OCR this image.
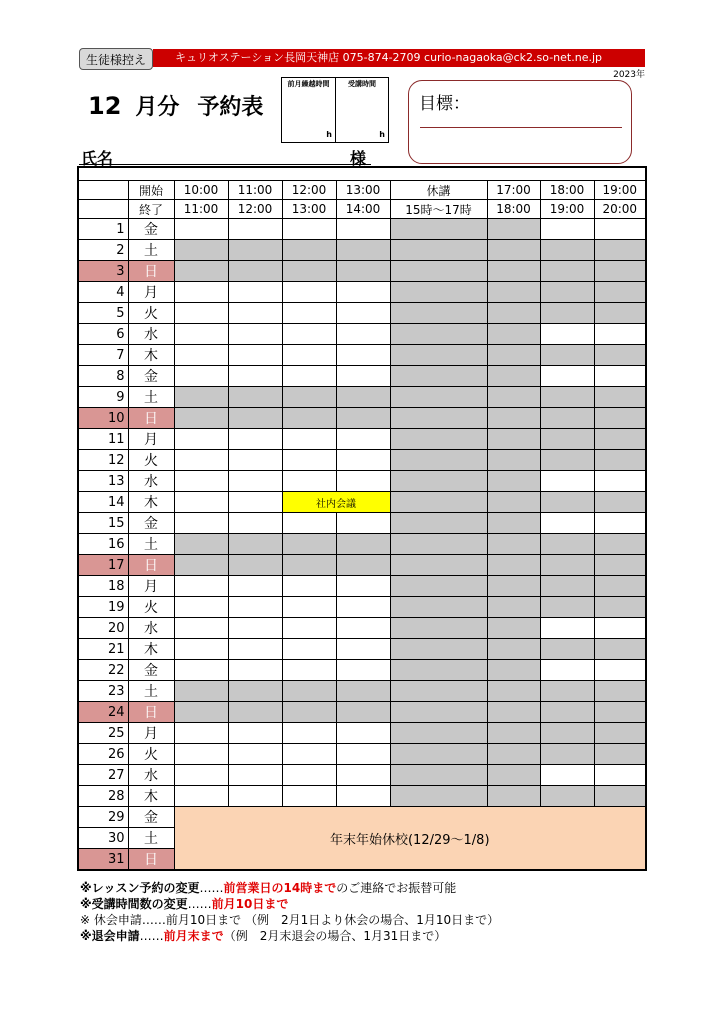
生徒様控え	キュリオステーション長岡天神店 075-874-2709 curio-nagaoka@ck2.so-net.ne.jp
2023年
12 月分 予約表
前月繰越時間
h
受講時間
h
目標：
氏名	様

	開始	10:00	11:00	12:00	13:00	休講	17:00	18:00	19:00
	終了	11:00	12:00	13:00	14:00	15時～17時	18:00	19:00	20:00
1	金								
2	土								
3	日								
4	月								
5	火								
6	水								
7	木								
8	金								
9	土								
10	日								
11	月								
12	火								
13	水								
14	木			社内会議					
15	金								
16	土								
17	日								
18	月								
19	火								
20	水								
21	木								
22	金								
23	土								
24	日								
25	月								
26	火								
27	水								
28	木								
29	金	年末年始休校(12/29～1/8)							
30	土								
31	日								
※レッスン予約の変更……前営業日の14時までのご連絡でお振替可能
※受講時間数の変更……前月10日まで
※ 休会申請……前月10日まで （例　2月1日より休会の場合、1月10日まで）
※退会申請……前月末まで（例　2月末退会の場合、1月31日まで）
